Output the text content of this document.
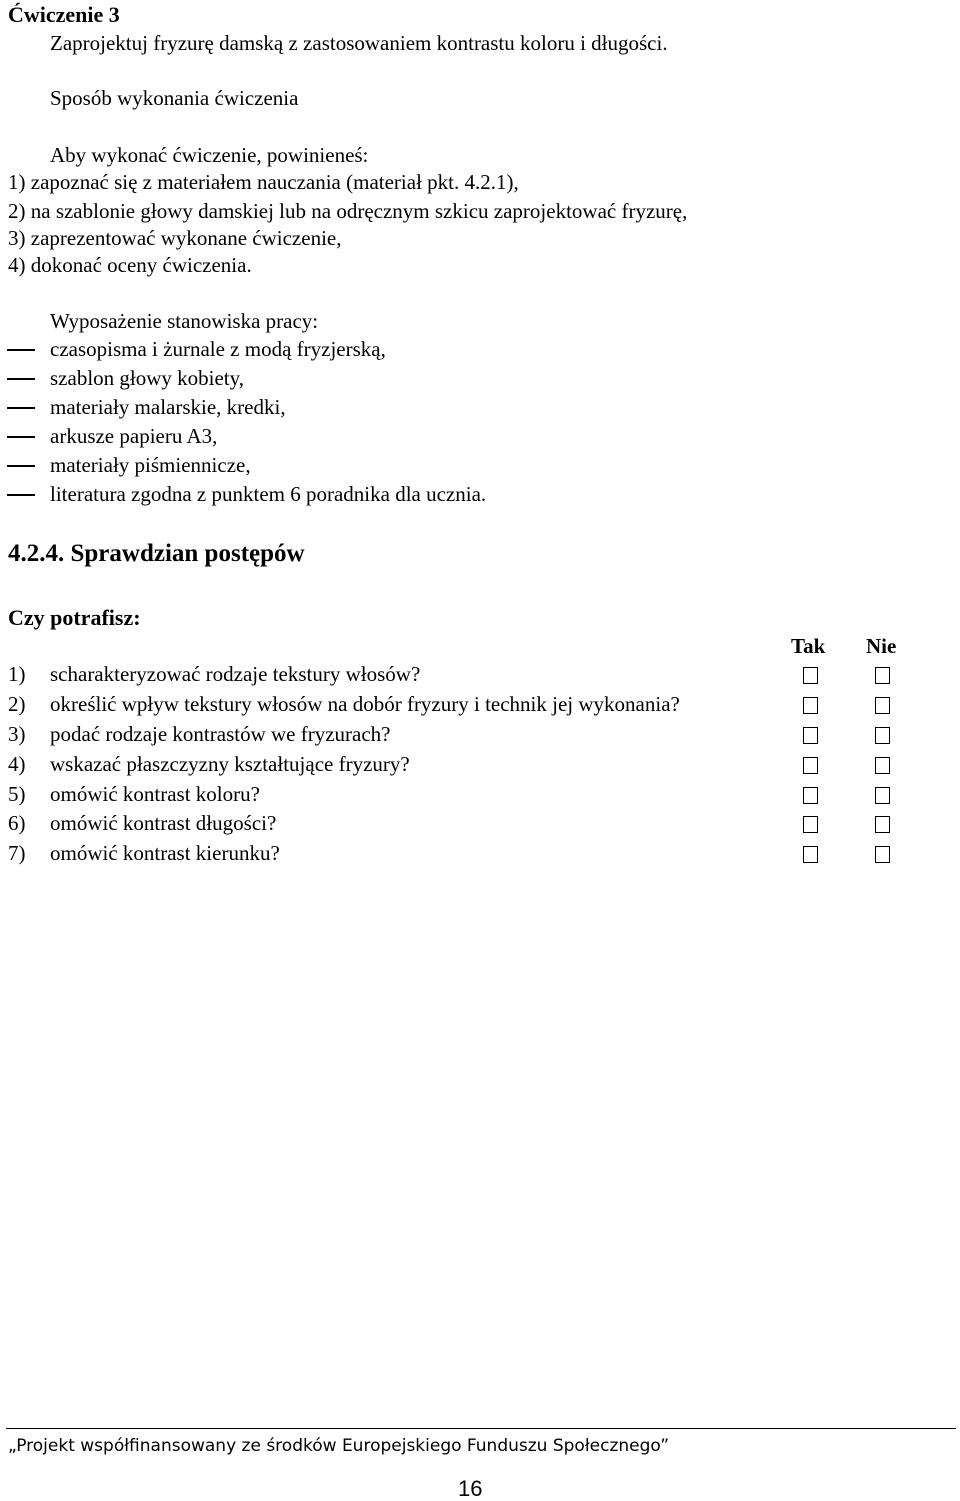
Ćwiczenie 3
Zaprojektuj fryzurę damską z zastosowaniem kontrastu koloru i długości.
Sposób wykonania ćwiczenia
Aby wykonać ćwiczenie, powinieneś:
1) zapoznać się z materiałem nauczania (materiał pkt. 4.2.1),
2) na szablonie głowy damskiej lub na odręcznym szkicu zaprojektować fryzurę,
3) zaprezentować wykonane ćwiczenie,
4) dokonać oceny ćwiczenia.
Wyposażenie stanowiska pracy:
czasopisma i żurnale z modą fryzjerską,
szablon głowy kobiety,
materiały malarskie, kredki,
arkusze papieru A3,
materiały piśmiennicze,
literatura zgodna z punktem 6 poradnika dla ucznia.
4.2.4. Sprawdzian postępów
Czy potrafisz:
Tak Nie
1) scharakteryzować rodzaje tekstury włosów?
2) określić wpływ tekstury włosów na dobór fryzury i technik jej wykonania?
3) podać rodzaje kontrastów we fryzurach?
4) wskazać płaszczyzny kształtujące fryzury?
5) omówić kontrast koloru?
6) omówić kontrast długości?
7) omówić kontrast kierunku?
„Projekt współfinansowany ze środków Europejskiego Funduszu Społecznego”
16
